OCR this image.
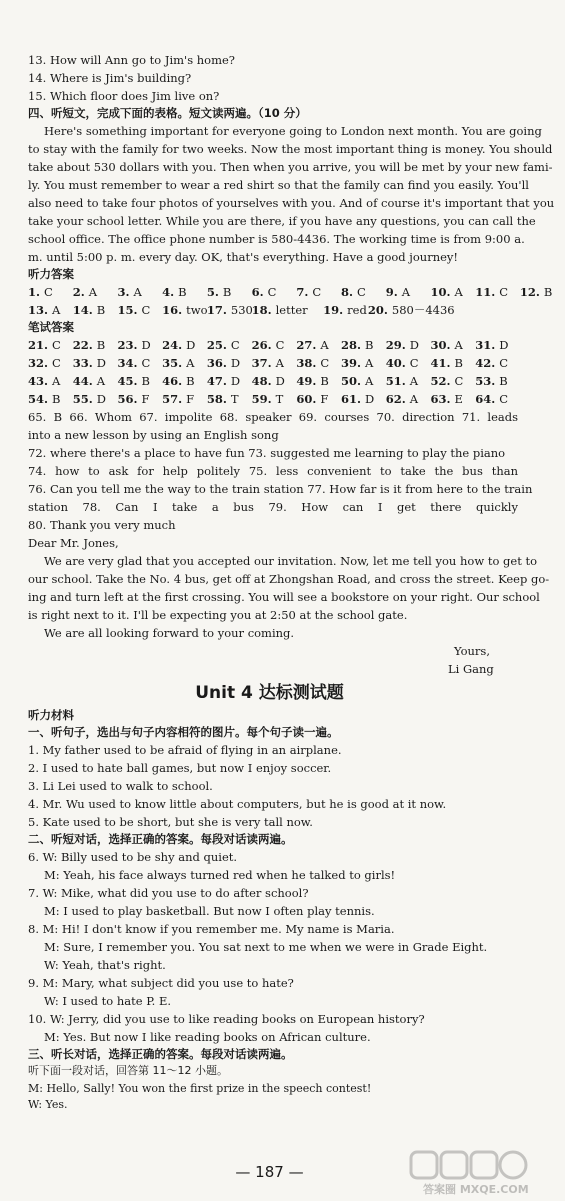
13. How will Ann go to Jim's home?
14. Where is Jim's building?
15. Which floor does Jim live on?
四、听短文，完成下面的表格。短文读两遍。（10 分）
Here's something important for everyone going to London next month. You are going
to stay with the family for two weeks. Now the most important thing is money. You should
take about 530 dollars with you. Then when you arrive, you will be met by your new fami-
ly. You must remember to wear a red shirt so that the family can find you easily. You'll
also need to take four photos of yourselves with you. And of course it's important that you
take your school letter. While you are there, if you have any questions, you can call the
school office. The office phone number is 580-4436. The working time is from 9:00 a.
m. until 5:00 p. m. every day. OK, that's everything. Have a good journey!
听力答案
1. C 2. A 3. A 4. B 5. B 6. C 7. C 8. C 9. A 10. A 11. C 12. B
13. A 14. B 15. C 16. two17. 53018. letter 19. red20. 580－4436
笔试答案
21. C 22. B 23. D 24. D 25. C 26. C 27. A 28. B 29. D 30. A 31. D
32. C 33. D 34. C 35. A 36. D 37. A 38. C 39. A 40. C 41. B 42. C
43. A 44. A 45. B 46. B 47. D 48. D 49. B 50. A 51. A 52. C 53. B
54. B 55. D 56. F 57. F 58. T 59. T 60. F 61. D 62. A 63. E 64. C
65. B 66. Whom 67. impolite 68. speaker 69. courses 70. direction 71. leads
into a new lesson by using an English song
72. where there's a place to have fun 73. suggested me learning to play the piano
74. how to ask for help politely 75. less convenient to take the bus than
76. Can you tell me the way to the train station 77. How far is it from here to the train
station 78. Can I take a bus 79. How can I get there quickly
80. Thank you very much
Dear Mr. Jones,
We are very glad that you accepted our invitation. Now, let me tell you how to get to
our school. Take the No. 4 bus, get off at Zhongshan Road, and cross the street. Keep go-
ing and turn left at the first crossing. You will see a bookstore on your right. Our school
is right next to it. I'll be expecting you at 2:50 at the school gate.
We are all looking forward to your coming.
Yours,
Li Gang
Unit 4 达标测试题
听力材料
一、听句子，选出与句子内容相符的图片。每个句子读一遍。
1. My father used to be afraid of flying in an airplane.
2. I used to hate ball games, but now I enjoy soccer.
3. Li Lei used to walk to school.
4. Mr. Wu used to know little about computers, but he is good at it now.
5. Kate used to be short, but she is very tall now.
二、听短对话，选择正确的答案。每段对话读两遍。
6. W: Billy used to be shy and quiet.
M: Yeah, his face always turned red when he talked to girls!
7. W: Mike, what did you use to do after school?
M: I used to play basketball. But now I often play tennis.
8. M: Hi! I don't know if you remember me. My name is Maria.
M: Sure, I remember you. You sat next to me when we were in Grade Eight.
W: Yeah, that's right.
9. M: Mary, what subject did you use to hate?
W: I used to hate P. E.
10. W: Jerry, did you use to like reading books on European history?
M: Yes. But now I like reading books on African culture.
三、听长对话，选择正确的答案。每段对话读两遍。
听下面一段对话，回答第 11～12 小题。
M: Hello, Sally! You won the first prize in the speech contest!
W: Yes.
— 187 —
答案圈 MXQE.COM
